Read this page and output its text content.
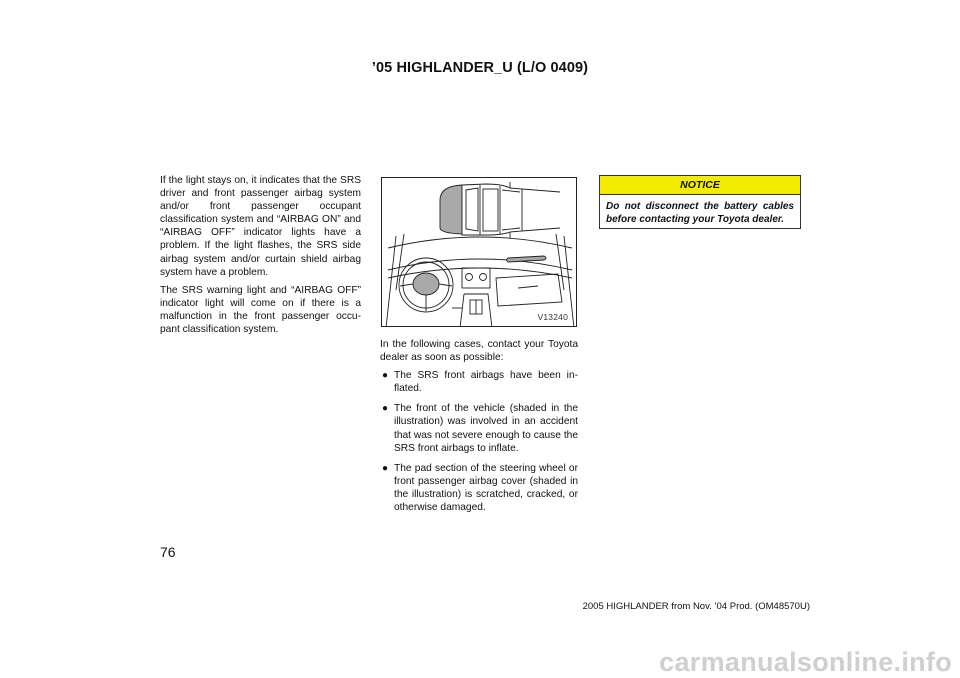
’05 HIGHLANDER_U (L/O 0409)

If the light stays on, it indicates that the SRS driver and front passenger airbag system and/or front passenger occupant classification system and “AIRBAG ON” and “AIRBAG OFF” indicator lights have a problem. If the light flashes, the SRS side airbag system and/or curtain shield airbag system have a problem.

The SRS warning light and “AIRBAG OFF” indicator light will come on if there is a malfunction in the front passenger occu-pant classification system.

V13240

In the following cases, contact your Toyota dealer as soon as possible:

● The SRS front airbags have been in-flated.
● The front of the vehicle (shaded in the illustration) was involved in an accident that was not severe enough to cause the SRS front airbags to inflate.
● The pad section of the steering wheel or front passenger airbag cover (shaded in the illustration) is scratched, cracked, or otherwise damaged.
NOTICE
Do not disconnect the battery cables before contacting your Toyota dealer.
76
2005 HIGHLANDER from Nov. ’04 Prod. (OM48570U)
carmanualsonline.info
